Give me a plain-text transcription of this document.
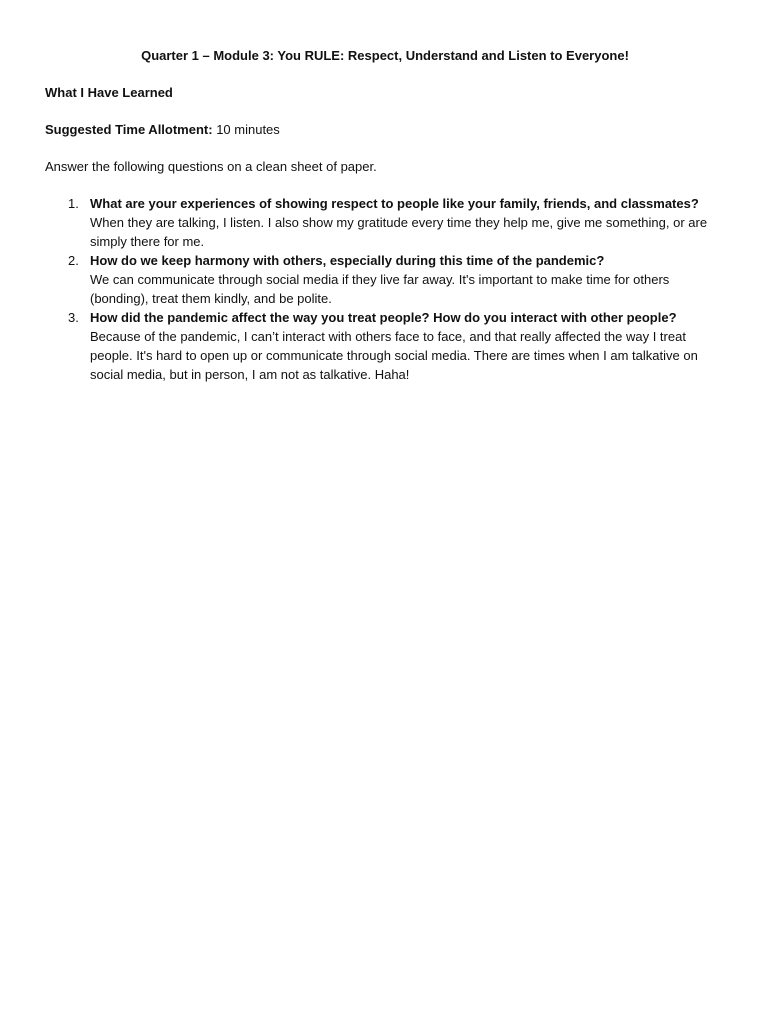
Quarter 1 – Module 3: You RULE: Respect, Understand and Listen to Everyone!
What I Have Learned
Suggested Time Allotment: 10 minutes
Answer the following questions on a clean sheet of paper.
1. What are your experiences of showing respect to people like your family, friends, and classmates?
When they are talking, I listen. I also show my gratitude every time they help me, give me something, or are simply there for me.
2. How do we keep harmony with others, especially during this time of the pandemic?
We can communicate through social media if they live far away. It's important to make time for others (bonding), treat them kindly, and be polite.
3. How did the pandemic affect the way you treat people? How do you interact with other people?
Because of the pandemic, I can’t interact with others face to face, and that really affected the way I treat people. It's hard to open up or communicate through social media. There are times when I am talkative on social media, but in person, I am not as talkative. Haha!
